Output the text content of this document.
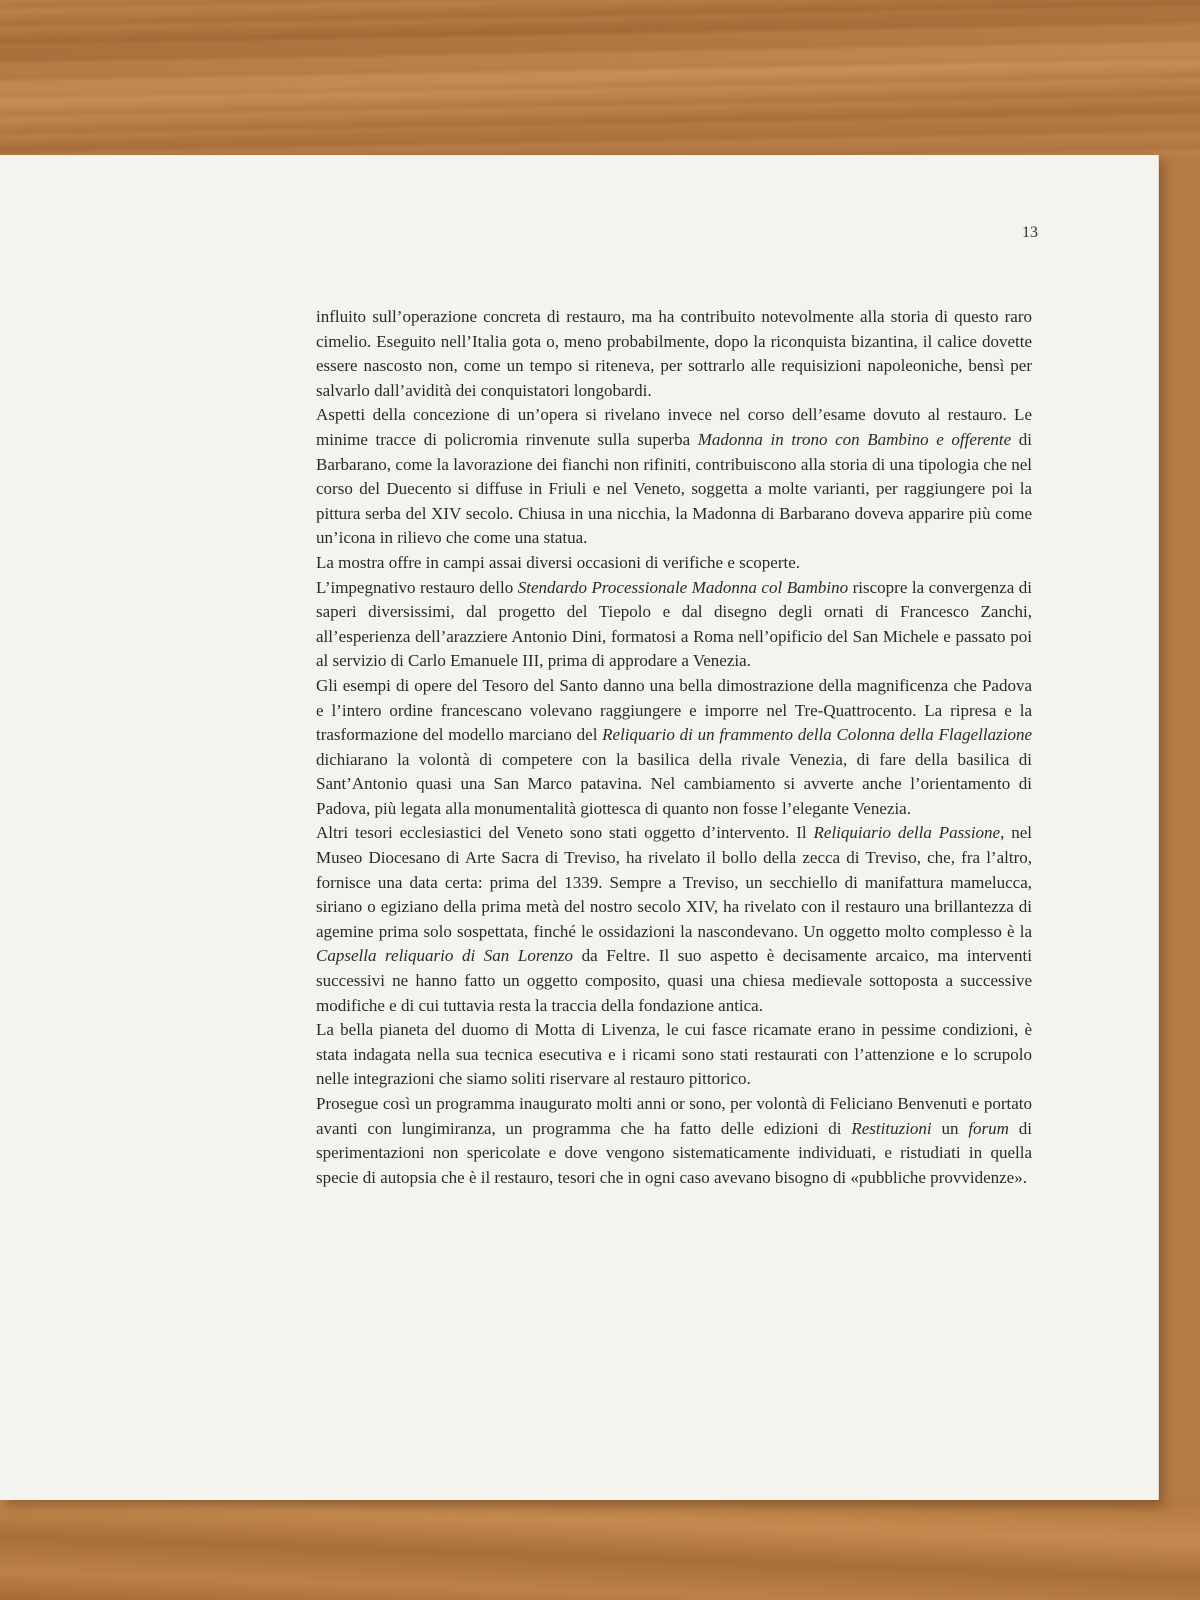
13

influito sull’operazione concreta di restauro, ma ha contribuito notevolmente alla storia di questo raro cimelio. Eseguito nell’Italia gota o, meno probabilmente, dopo la riconquista bizantina, il calice dovette essere nascosto non, come un tempo si riteneva, per sottrarlo alle requisizioni napoleoniche, bensì per salvarlo dall’avidità dei conquistatori longobardi.

Aspetti della concezione di un’opera si rivelano invece nel corso dell’esame dovuto al restauro. Le minime tracce di policromia rinvenute sulla superba Madonna in trono con Bambino e offerente di Barbarano, come la lavorazione dei fianchi non rifiniti, contribuiscono alla storia di una tipologia che nel corso del Duecento si diffuse in Friuli e nel Veneto, soggetta a molte varianti, per raggiungere poi la pittura serba del XIV secolo. Chiusa in una nicchia, la Madonna di Barbarano doveva apparire più come un’icona in rilievo che come una statua.

La mostra offre in campi assai diversi occasioni di verifiche e scoperte.

L’impegnativo restauro dello Stendardo Processionale Madonna col Bambino riscopre la convergenza di saperi diversissimi, dal progetto del Tiepolo e dal disegno degli ornati di Francesco Zanchi, all’esperienza dell’arazziere Antonio Dini, formatosi a Roma nell’opificio del San Michele e passato poi al servizio di Carlo Emanuele III, prima di approdare a Venezia.

Gli esempi di opere del Tesoro del Santo danno una bella dimostrazione della magnificenza che Padova e l’intero ordine francescano volevano raggiungere e imporre nel Tre-Quattrocento. La ripresa e la trasformazione del modello marciano del Reliquario di un frammento della Colonna della Flagellazione dichiarano la volontà di competere con la basilica della rivale Venezia, di fare della basilica di Sant’Antonio quasi una San Marco patavina. Nel cambiamento si avverte anche l’orientamento di Padova, più legata alla monumentalità giottesca di quanto non fosse l’elegante Venezia.

Altri tesori ecclesiastici del Veneto sono stati oggetto d’intervento. Il Reliquiario della Passione, nel Museo Diocesano di Arte Sacra di Treviso, ha rivelato il bollo della zecca di Treviso, che, fra l’altro, fornisce una data certa: prima del 1339. Sempre a Treviso, un secchiello di manifattura mamelucca, siriano o egiziano della prima metà del nostro secolo XIV, ha rivelato con il restauro una brillantezza di agemine prima solo sospettata, finché le ossidazioni la nascondevano. Un oggetto molto complesso è la Capsella reliquario di San Lorenzo da Feltre. Il suo aspetto è decisamente arcaico, ma interventi successivi ne hanno fatto un oggetto composito, quasi una chiesa medievale sottoposta a successive modifiche e di cui tuttavia resta la traccia della fondazione antica.

La bella pianeta del duomo di Motta di Livenza, le cui fasce ricamate erano in pessime condizioni, è stata indagata nella sua tecnica esecutiva e i ricami sono stati restaurati con l’attenzione e lo scrupolo nelle integrazioni che siamo soliti riservare al restauro pittorico.

Prosegue così un programma inaugurato molti anni or sono, per volontà di Feliciano Benvenuti e portato avanti con lungimiranza, un programma che ha fatto delle edizioni di Restituzioni un forum di sperimentazioni non spericolate e dove vengono sistematicamente individuati, e ristudiati in quella specie di autopsia che è il restauro, tesori che in ogni caso avevano bisogno di «pubbliche provvidenze».
